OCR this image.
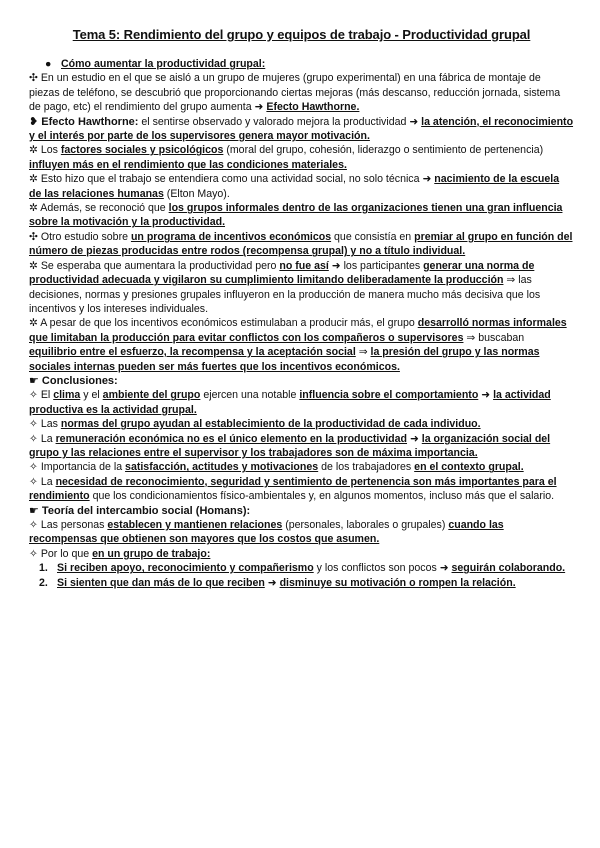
Tema 5: Rendimiento del grupo y equipos de trabajo - Productividad grupal
● Cómo aumentar la productividad grupal:

✣ En un estudio en el que se aisló a un grupo de mujeres (grupo experimental) en una fábrica de montaje de piezas de teléfono, se descubrió que proporcionando ciertas mejoras (más descanso, reducción jornada, sistema de pago, etc) el rendimiento del grupo aumenta ➜ Efecto Hawthorne.

❥ Efecto Hawthorne: el sentirse observado y valorado mejora la productividad ➜ la atención, el reconocimiento y el interés por parte de los supervisores genera mayor motivación.

✲ Los factores sociales y psicológicos (moral del grupo, cohesión, liderazgo o sentimiento de pertenencia) influyen más en el rendimiento que las condiciones materiales.

✲ Esto hizo que el trabajo se entendiera como una actividad social, no solo técnica ➜ nacimiento de la escuela de las relaciones humanas (Elton Mayo).

✲ Además, se reconoció que los grupos informales dentro de las organizaciones tienen una gran influencia sobre la motivación y la productividad.

✣ Otro estudio sobre un programa de incentivos económicos que consistía en premiar al grupo en función del número de piezas producidas entre rodos (recompensa grupal) y no a título individual.

✲ Se esperaba que aumentara la productividad pero no fue así ➜ los participantes generar una norma de productividad adecuada y vigilaron su cumplimiento limitando deliberadamente la producción ⇒ las decisiones, normas y presiones grupales influyeron en la producción de manera mucho más decisiva que los incentivos y los intereses individuales.

✲ A pesar de que los incentivos económicos estimulaban a producir más, el grupo desarrolló normas informales que limitaban la producción para evitar conflictos con los compañeros o supervisores ⇒ buscaban equilibrio entre el esfuerzo, la recompensa y la aceptación social ⇒ la presión del grupo y las normas sociales internas pueden ser más fuertes que los incentivos económicos.

☛ Conclusiones:

✧ El clima y el ambiente del grupo ejercen una notable influencia sobre el comportamiento ➜ la actividad productiva es la actividad grupal.

✧ Las normas del grupo ayudan al establecimiento de la productividad de cada individuo.

✧ La remuneración económica no es el único elemento en la productividad ➜ la organización social del grupo y las relaciones entre el supervisor y los trabajadores son de máxima importancia.

✧ Importancia de la satisfacción, actitudes y motivaciones de los trabajadores en el contexto grupal.

✧ La necesidad de reconocimiento, seguridad y sentimiento de pertenencia son más importantes para el rendimiento que los condicionamientos físico-ambientales y, en algunos momentos, incluso más que el salario.

☛ Teoría del intercambio social (Homans):

✧ Las personas establecen y mantienen relaciones (personales, laborales o grupales) cuando las recompensas que obtienen son mayores que los costos que asumen.

✧ Por lo que en un grupo de trabajo:

1. Si reciben apoyo, reconocimiento y compañerismo y los conflictos son pocos ➜ seguirán colaborando.
2. Si sienten que dan más de lo que reciben ➜ disminuye su motivación o rompen la relación.
